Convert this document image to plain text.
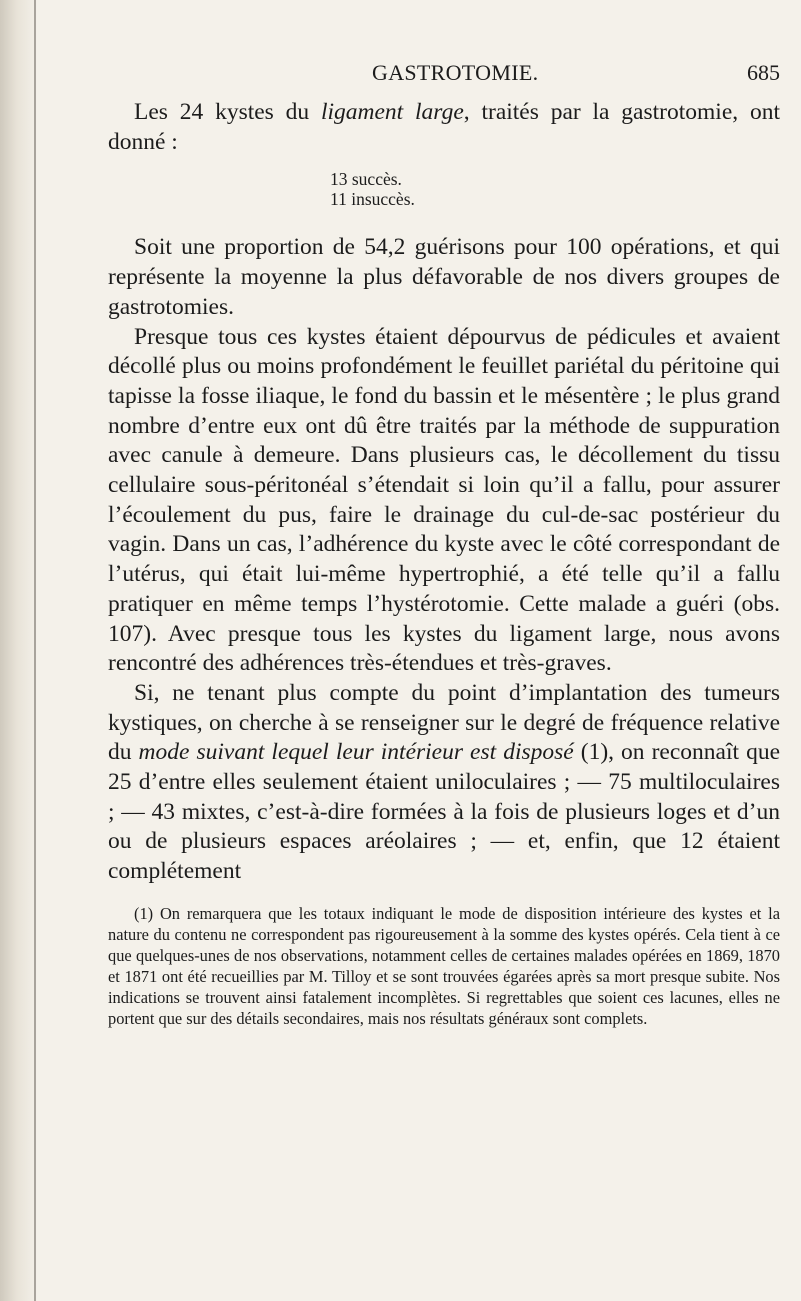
GASTROTOMIE.	685

Les 24 kystes du ligament large, traités par la gastrotomie, ont donné :

13 succès.
11 insuccès.

Soit une proportion de 54,2 guérisons pour 100 opérations, et qui représente la moyenne la plus défavorable de nos divers groupes de gastrotomies.

Presque tous ces kystes étaient dépourvus de pédicules et avaient décollé plus ou moins profondément le feuillet pariétal du péritoine qui tapisse la fosse iliaque, le fond du bassin et le mésentère ; le plus grand nombre d’entre eux ont dû être traités par la méthode de suppuration avec canule à demeure. Dans plusieurs cas, le décollement du tissu cellulaire sous-péritonéal s’étendait si loin qu’il a fallu, pour assurer l’écoulement du pus, faire le drainage du cul-de-sac postérieur du vagin. Dans un cas, l’adhérence du kyste avec le côté correspondant de l’utérus, qui était lui-même hypertrophié, a été telle qu’il a fallu pratiquer en même temps l’hystérotomie. Cette malade a guéri (obs. 107). Avec presque tous les kystes du ligament large, nous avons rencontré des adhérences très-étendues et très-graves.

Si, ne tenant plus compte du point d’implantation des tumeurs kystiques, on cherche à se renseigner sur le degré de fréquence relative du mode suivant lequel leur intérieur est disposé (1), on reconnaît que 25 d’entre elles seulement étaient uniloculaires ; — 75 multiloculaires ; — 43 mixtes, c’est-à-dire formées à la fois de plusieurs loges et d’un ou de plusieurs espaces aréolaires ; — et, enfin, que 12 étaient complétement

(1) On remarquera que les totaux indiquant le mode de disposition intérieure des kystes et la nature du contenu ne correspondent pas rigoureusement à la somme des kystes opérés. Cela tient à ce que quelques-unes de nos observations, notamment celles de certaines malades opérées en 1869, 1870 et 1871 ont été recueillies par M. Tilloy et se sont trouvées égarées après sa mort presque subite. Nos indications se trouvent ainsi fatalement incomplètes. Si regrettables que soient ces lacunes, elles ne portent que sur des détails secondaires, mais nos résultats généraux sont complets.
